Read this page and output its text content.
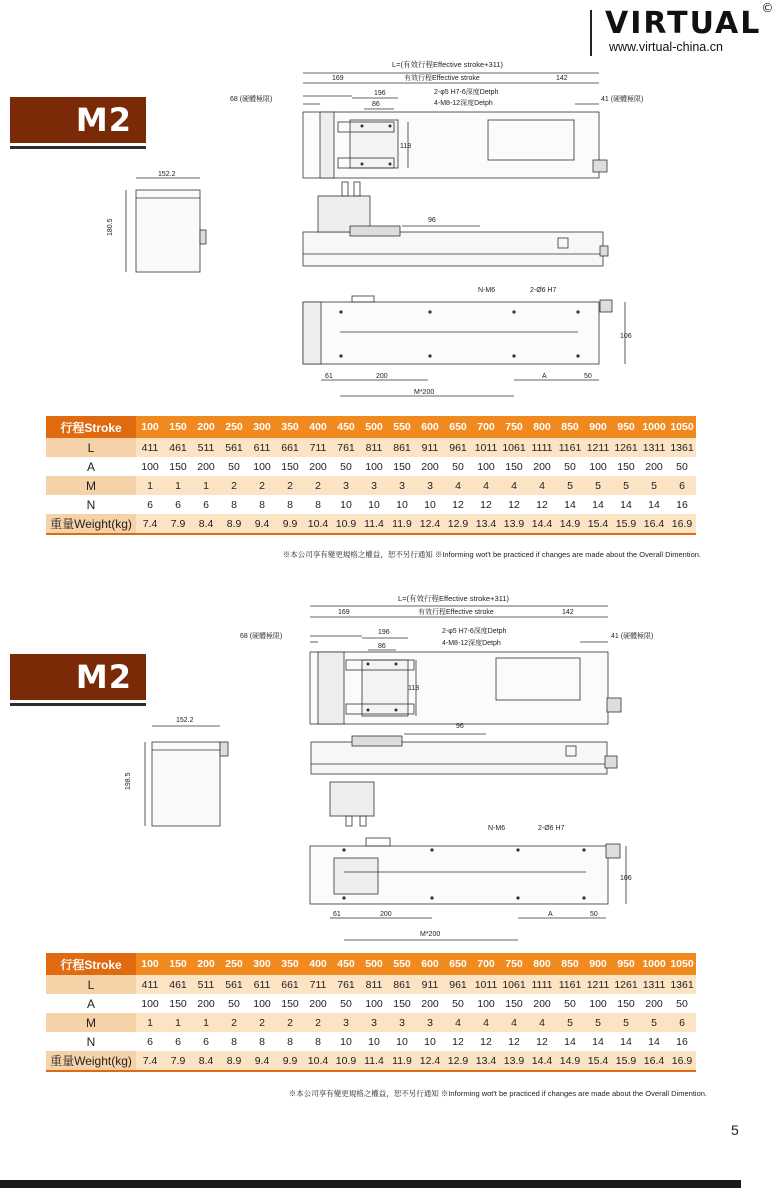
VIRTUAL©
www.virtual-china.cn
M2
L=(有效行程Effective stroke+311)
有效行程Effective stroke
169	142
196
86
118
68 (硬體極限)	41 (硬體極限)
2-φ5 H7-6深度Detph
4-M8-12深度Detph
96
N-M6	2-Ø6 H7
106
61	200	A	50
M*200
152.2
180.5
行程Stroke	100	150	200	250	300	350	400	450	500	550	600	650	700	750	800	850	900	950	1000	1050
L	411	461	511	561	611	661	711	761	811	861	911	961	1011	1061	1111	1161	1211	1261	1311	1361
A	100	150	200	50	100	150	200	50	100	150	200	50	100	150	200	50	100	150	200	50
M	1	1	1	2	2	2	2	3	3	3	3	4	4	4	4	5	5	5	5	6
N	6	6	6	8	8	8	8	10	10	10	10	12	12	12	12	14	14	14	14	16
重量Weight(kg)	7.4	7.9	8.4	8.9	9.4	9.9	10.4	10.9	11.4	11.9	12.4	12.9	13.4	13.9	14.4	14.9	15.4	15.9	16.4	16.9
※本公司享有變更規格之權益，恕不另行通知 ※Informing wot't be practiced if changes are made about the Overall Dimention.
M2
L=(有效行程Effective stroke+311)
有效行程Effective stroke
169	142
196
86
118
68 (硬體極限)	41 (硬體極限)
2-φ5 H7-6深度Detph
4-M8-12深度Detph
96
N-M6	2-Ø6 H7
106
61	200	A	50
M*200
152.2
198.5
行程Stroke	100	150	200	250	300	350	400	450	500	550	600	650	700	750	800	850	900	950	1000	1050
L	411	461	511	561	611	661	711	761	811	861	911	961	1011	1061	1111	1161	1211	1261	1311	1361
A	100	150	200	50	100	150	200	50	100	150	200	50	100	150	200	50	100	150	200	50
M	1	1	1	2	2	2	2	3	3	3	3	4	4	4	4	5	5	5	5	6
N	6	6	6	8	8	8	8	10	10	10	10	12	12	12	12	14	14	14	14	16
重量Weight(kg)	7.4	7.9	8.4	8.9	9.4	9.9	10.4	10.9	11.4	11.9	12.4	12.9	13.4	13.9	14.4	14.9	15.4	15.9	16.4	16.9
※本公司享有變更規格之權益，恕不另行通知 ※Informing wot't be practiced if changes are made about the Overall Dimention.
5
